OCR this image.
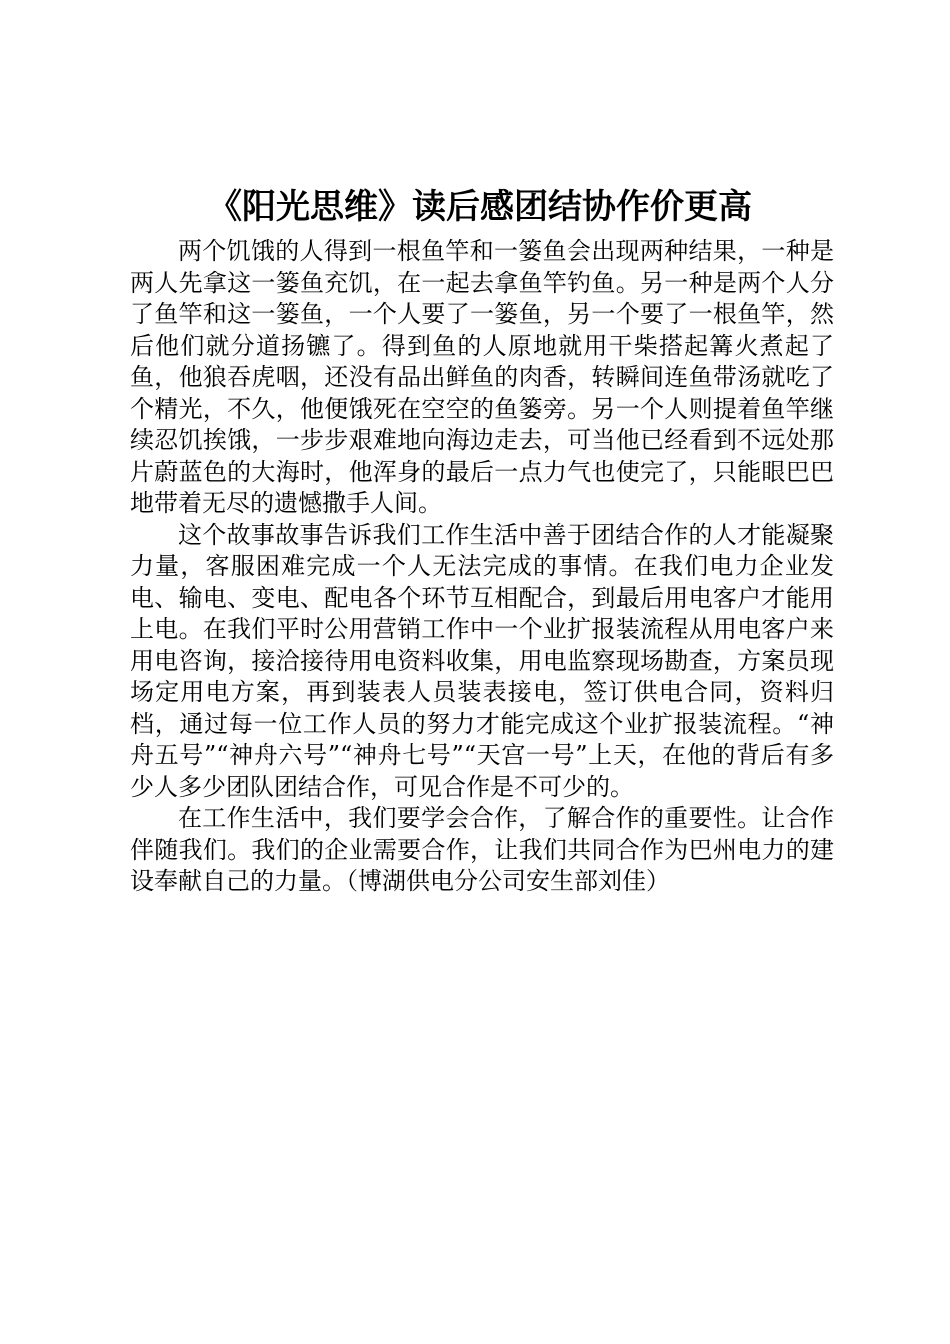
《阳光思维》读后感团结协作价更高

两个饥饿的人得到一根鱼竿和一篓鱼会出现两种结果，一种是两人先拿这一篓鱼充饥，在一起去拿鱼竿钓鱼。另一种是两个人分了鱼竿和这一篓鱼，一个人要了一篓鱼，另一个要了一根鱼竿，然后他们就分道扬镳了。得到鱼的人原地就用干柴搭起篝火煮起了鱼，他狼吞虎咽，还没有品出鲜鱼的肉香，转瞬间连鱼带汤就吃了个精光，不久，他便饿死在空空的鱼篓旁。另一个人则提着鱼竿继续忍饥挨饿，一步步艰难地向海边走去，可当他已经看到不远处那片蔚蓝色的大海时，他浑身的最后一点力气也使完了，只能眼巴巴地带着无尽的遗憾撒手人间。

这个故事故事告诉我们工作生活中善于团结合作的人才能凝聚力量，客服困难完成一个人无法完成的事情。在我们电力企业发电、输电、变电、配电各个环节互相配合，到最后用电客户才能用上电。在我们平时公用营销工作中一个业扩报装流程从用电客户来用电咨询，接洽接待用电资料收集，用电监察现场勘查，方案员现场定用电方案，再到装表人员装表接电，签订供电合同，资料归档，通过每一位工作人员的努力才能完成这个业扩报装流程。“神舟五号”“神舟六号”“神舟七号”“天宫一号”上天，在他的背后有多少人多少团队团结合作，可见合作是不可少的。

在工作生活中，我们要学会合作，了解合作的重要性。让合作伴随我们。我们的企业需要合作，让我们共同合作为巴州电力的建设奉献自己的力量。（博湖供电分公司安生部刘佳）
